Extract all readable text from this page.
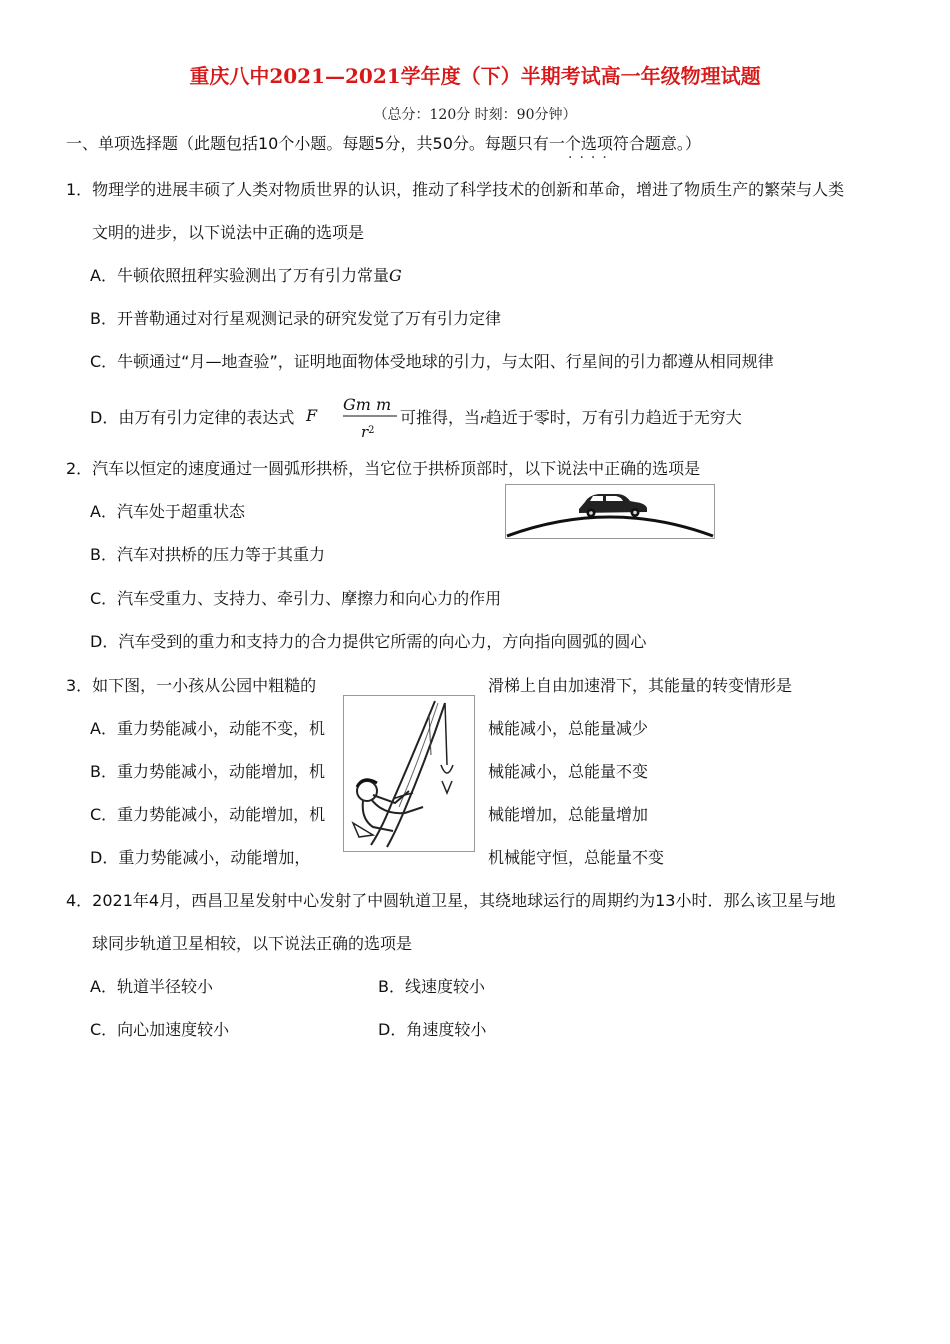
重庆八中2021—2021学年度（下）半期考试高一年级物理试题
（总分：120分 时刻：90分钟）
一、单项选择题（此题包括10个小题。每题5分，共50分。每题只有一个选项符合题意。）
····
1．物理学的进展丰硕了人类对物质世界的认识，推动了科学技术的创新和革命，增进了物质生产的繁荣与人类
文明的进步，以下说法中正确的选项是
A．牛顿依照扭秤实验测出了万有引力常量G
B．开普勒通过对行星观测记录的研究发觉了万有引力定律
C．牛顿通过“月—地查验”，证明地面物体受地球的引力，与太阳、行星间的引力都遵从相同规律
D．由万有引力定律的表达式 F
Gm m
$r^2$
可推得，当r趋近于零时，万有引力趋近于无穷大
2．汽车以恒定的速度通过一圆弧形拱桥，当它位于拱桥顶部时，以下说法中正确的选项是
A．汽车处于超重状态
B．汽车对拱桥的压力等于其重力
C．汽车受重力、支持力、牵引力、摩擦力和向心力的作用
D．汽车受到的重力和支持力的合力提供它所需的向心力，方向指向圆弧的圆心
3．如下图，一小孩从公园中粗糙的	滑梯上自由加速滑下，其能量的转变情形是
A．重力势能减小，动能不变，机	械能减小，总能量减少
B．重力势能减小，动能增加，机	械能减小，总能量不变
C．重力势能减小，动能增加，机	械能增加，总能量增加
D．重力势能减小，动能增加，	机械能守恒，总能量不变
4．2021年4月，西昌卫星发射中心发射了中圆轨道卫星，其绕地球运行的周期约为13小时．那么该卫星与地
球同步轨道卫星相较，以下说法正确的选项是
A．轨道半径较小	B．线速度较小
C．向心加速度较小	D．角速度较小
